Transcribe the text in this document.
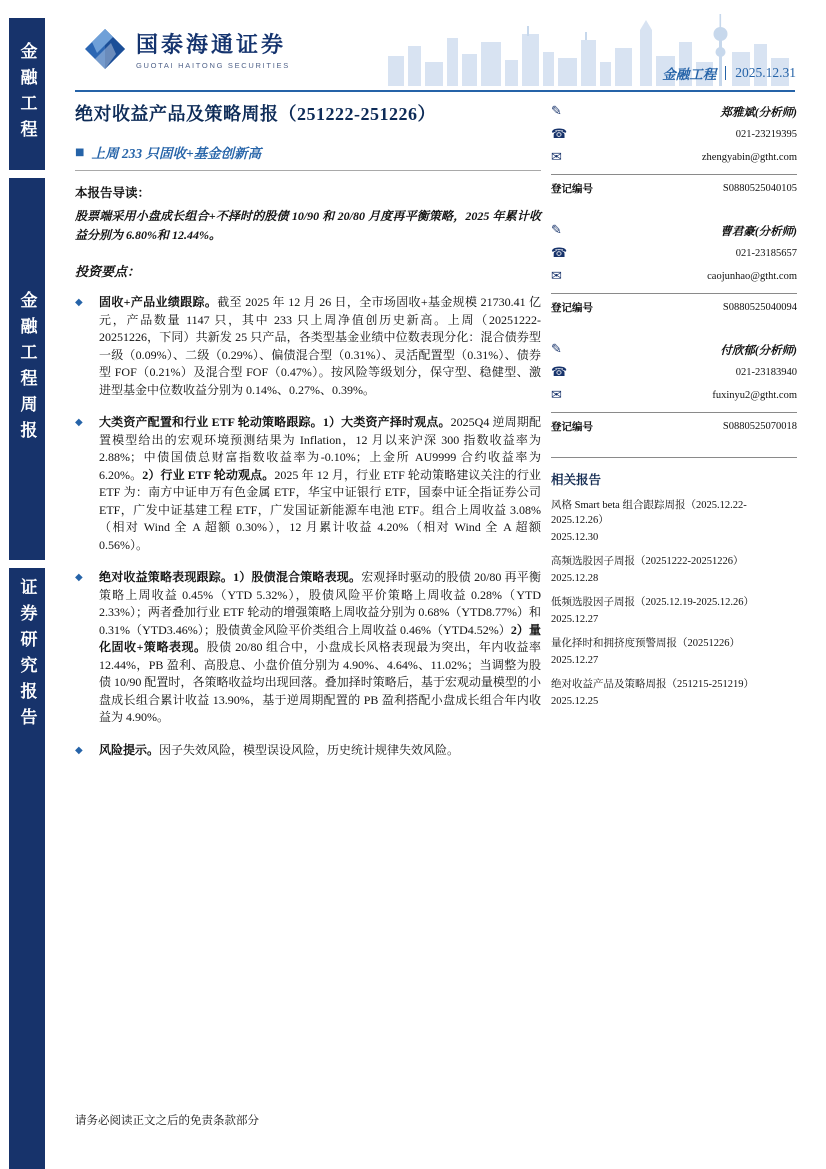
金融工程
金融工程周报
证券研究报告
国泰海通证券
GUOTAI HAITONG SECURITIES
金融工程 2025.12.31
绝对收益产品及策略周报（251222-251226）
■ 上周 233 只固收+基金创新高
本报告导读：

股票端采用小盘成长组合+不择时的股债 10/90 和 20/80 月度再平衡策略，2025 年累计收益分别为 6.80%和 12.44%。

投资要点：
◆	固收+产品业绩跟踪。截至 2025 年 12 月 26 日，全市场固收+基金规模 21730.41 亿元，产品数量 1147 只，其中 233 只上周净值创历史新高。上周（20251222-20251226，下同）共新发 25 只产品，各类型基金业绩中位数表现分化：混合债券型一级（0.09%）、二级（0.29%）、偏债混合型（0.31%）、灵活配置型（0.31%）、债券型 FOF（0.21%）及混合型 FOF（0.47%）。按风险等级划分，保守型、稳健型、激进型基金中位数收益分别为 0.14%、0.27%、0.39%。

◆	大类资产配置和行业 ETF 轮动策略跟踪。1）大类资产择时观点。2025Q4 逆周期配置模型给出的宏观环境预测结果为 Inflation，12 月以来沪深 300 指数收益率为 2.88%；中债国债总财富指数收益率为-0.10%；上金所 AU9999 合约收益率为 6.20%。2）行业 ETF 轮动观点。2025 年 12 月，行业 ETF 轮动策略建议关注的行业 ETF 为：南方中证申万有色金属 ETF，华宝中证银行 ETF，国泰中证全指证券公司 ETF，广发中证基建工程 ETF，广发国证新能源车电池 ETF。组合上周收益 3.08%（相对 Wind 全 A 超额 0.30%），12 月累计收益 4.20%（相对 Wind 全 A 超额 0.56%）。

◆	绝对收益策略表现跟踪。1）股债混合策略表现。宏观择时驱动的股债 20/80 再平衡策略上周收益 0.45%（YTD 5.32%），股债风险平价策略上周收益 0.28%（YTD 2.33%）；两者叠加行业 ETF 轮动的增强策略上周收益分别为 0.68%（YTD8.77%）和 0.31%（YTD3.46%）；股债黄金风险平价类组合上周收益 0.46%（YTD4.52%）2）量化固收+策略表现。股债 20/80 组合中，小盘成长风格表现最为突出，年内收益率 12.44%，PB 盈利、高股息、小盘价值分别为 4.90%、4.64%、11.02%；当调整为股债 10/90 配置时，各策略收益均出现回落。叠加择时策略后，基于宏观动量模型的小盘成长组合累计收益 13.90%，基于逆周期配置的 PB 盈利搭配小盘成长组合年内收益为 4.90%。

◆	风险提示。因子失效风险，模型误设风险，历史统计规律失效风险。

✎	郑雅斌(分析师)
☎	021-23219395
✉	zhengyabin@gtht.com
登记编号	S0880525040105
✎	曹君豪(分析师)
☎	021-23185657
✉	caojunhao@gtht.com
登记编号	S0880525040094
✎	付欣郁(分析师)
☎	021-23183940
✉	fuxinyu2@gtht.com
登记编号	S0880525070018
相关报告
风格 Smart beta 组合跟踪周报（2025.12.22-2025.12.26）
2025.12.30
高频选股因子周报（20251222-20251226）
2025.12.28
低频选股因子周报（2025.12.19-2025.12.26）
2025.12.27
量化择时和拥挤度预警周报（20251226）
2025.12.27
绝对收益产品及策略周报（251215-251219）
2025.12.25

请务必阅读正文之后的免责条款部分
